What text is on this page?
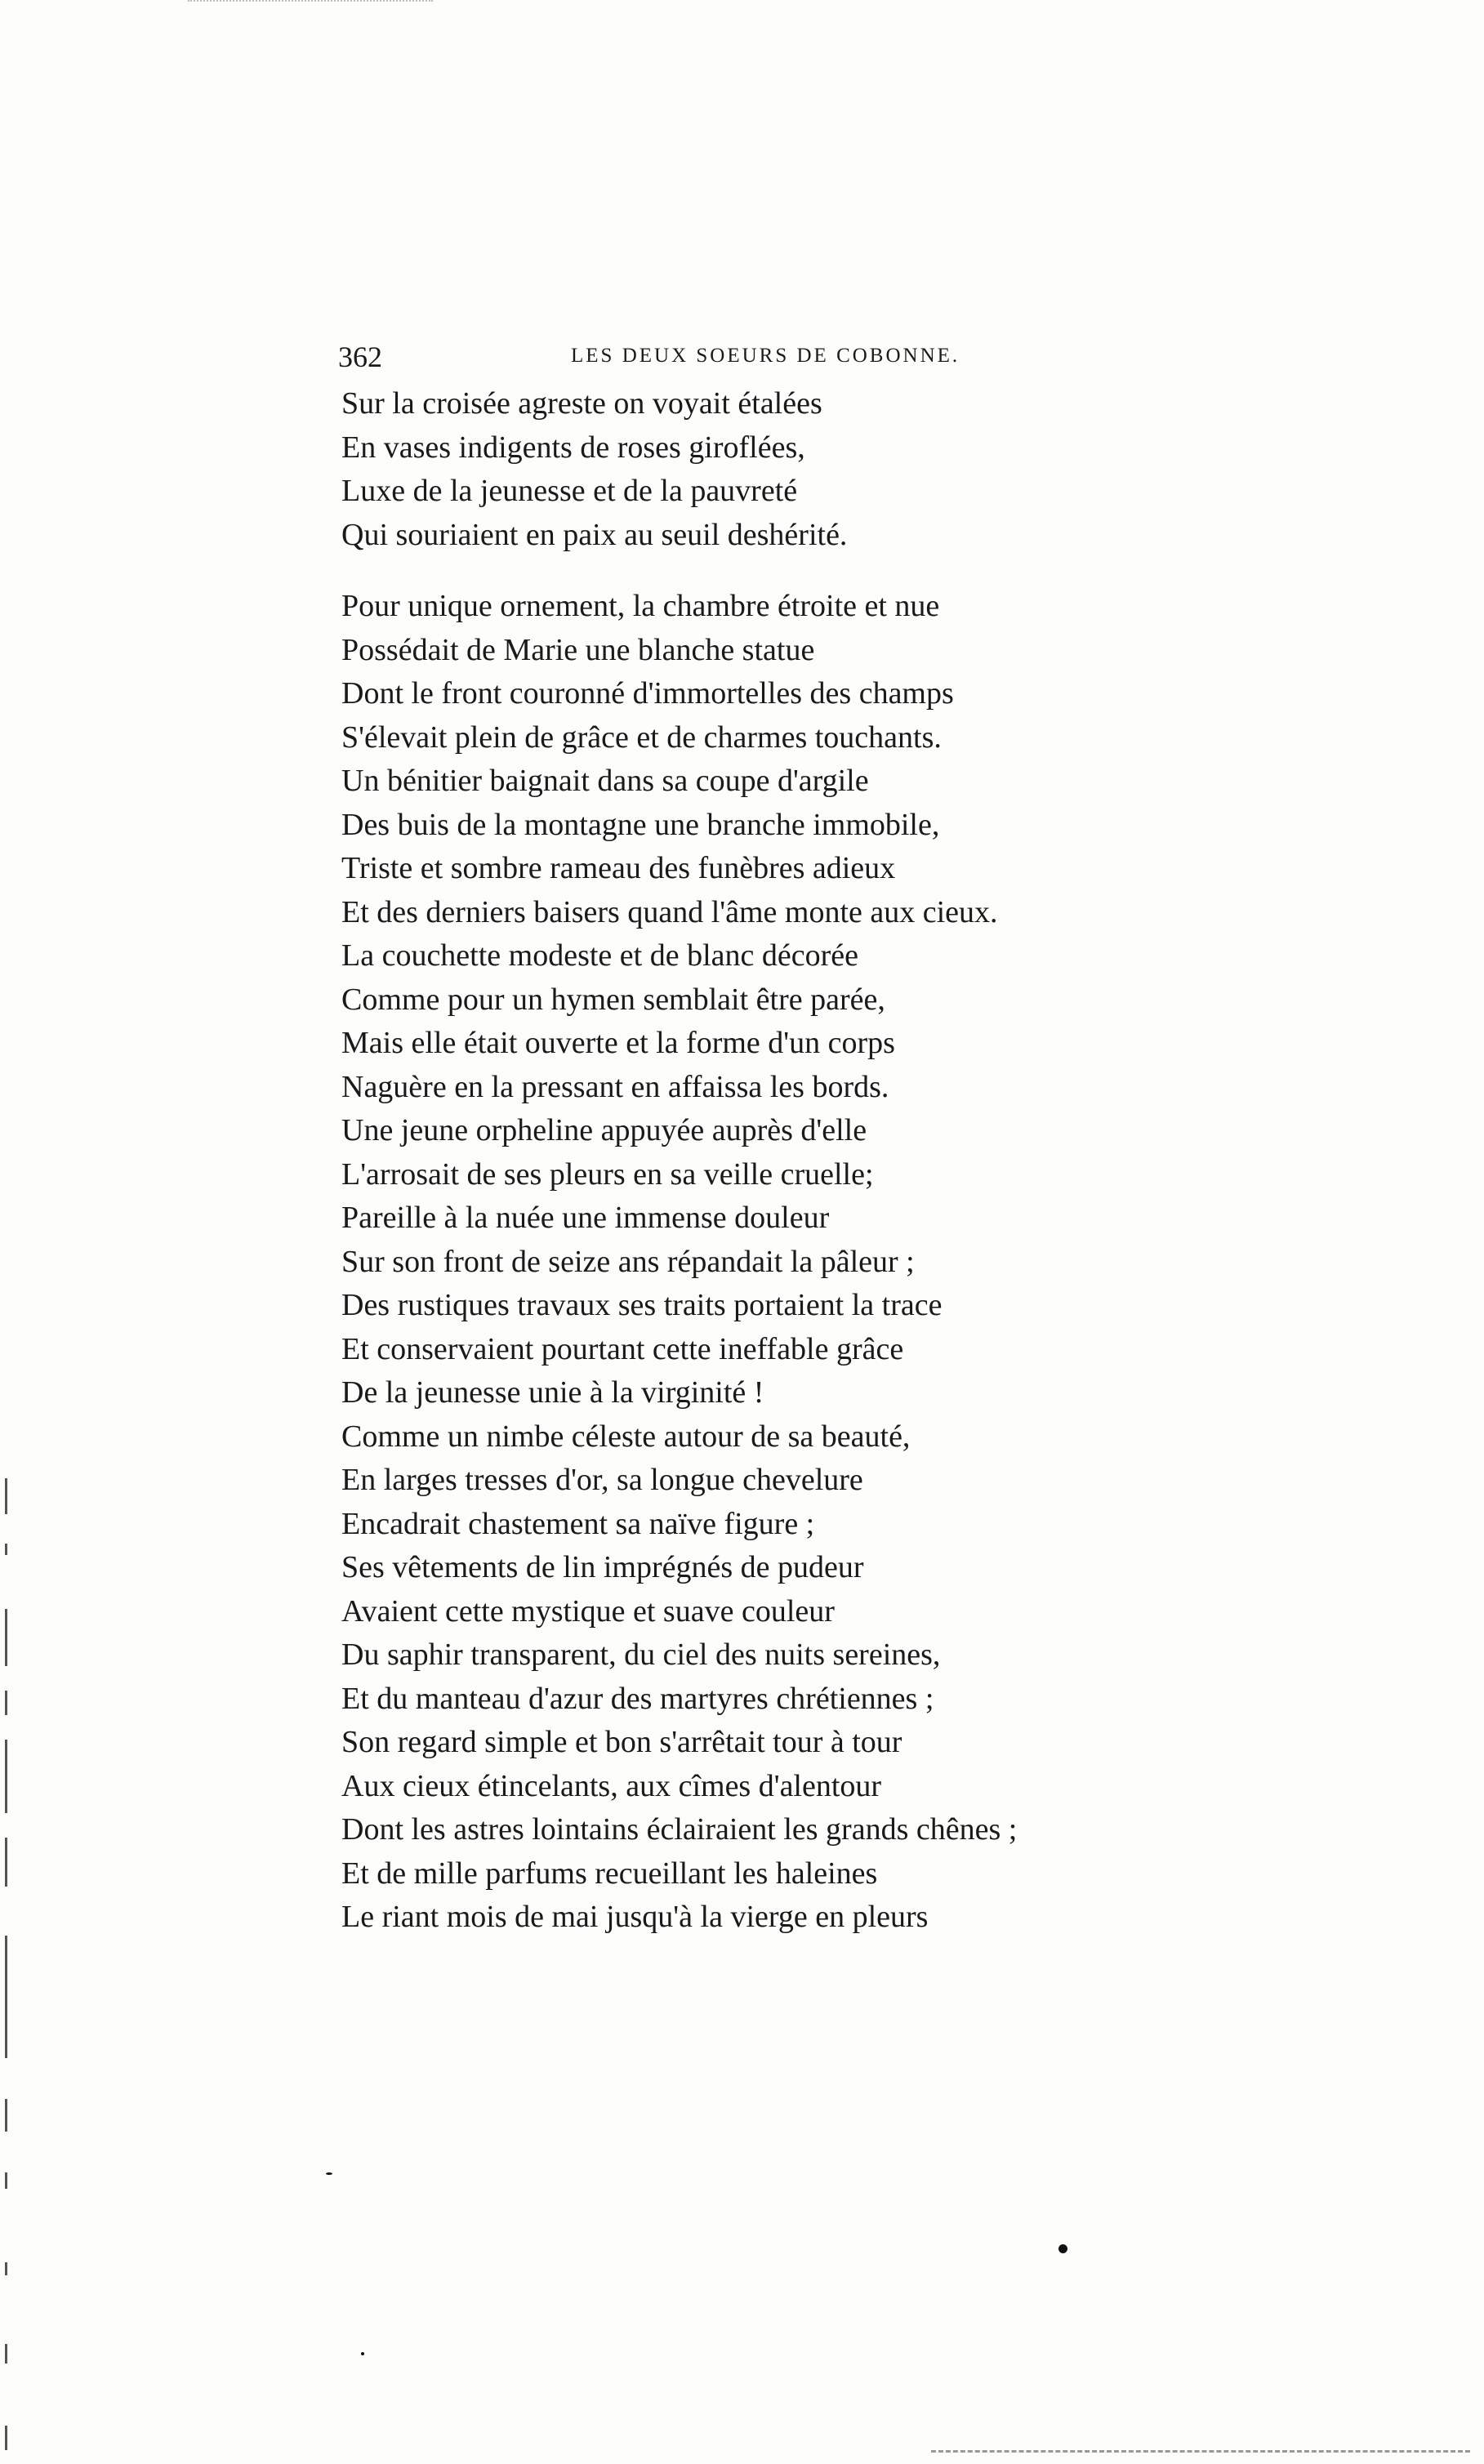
362	LES DEUX SOEURS DE COBONNE.
Sur la croisée agreste on voyait étalées
En vases indigents de roses giroflées,
Luxe de la jeunesse et de la pauvreté
Qui souriaient en paix au seuil deshérité.
Pour unique ornement, la chambre étroite et nue
Possédait de Marie une blanche statue
Dont le front couronné d'immortelles des champs
S'élevait plein de grâce et de charmes touchants.
Un bénitier baignait dans sa coupe d'argile
Des buis de la montagne une branche immobile,
Triste et sombre rameau des funèbres adieux
Et des derniers baisers quand l'âme monte aux cieux.
La couchette modeste et de blanc décorée
Comme pour un hymen semblait être parée,
Mais elle était ouverte et la forme d'un corps
Naguère en la pressant en affaissa les bords.
Une jeune orpheline appuyée auprès d'elle
L'arrosait de ses pleurs en sa veille cruelle;
Pareille à la nuée une immense douleur
Sur son front de seize ans répandait la pâleur ;
Des rustiques travaux ses traits portaient la trace
Et conservaient pourtant cette ineffable grâce
De la jeunesse unie à la virginité !
Comme un nimbe céleste autour de sa beauté,
En larges tresses d'or, sa longue chevelure
Encadrait chastement sa naïve figure ;
Ses vêtements de lin imprégnés de pudeur
Avaient cette mystique et suave couleur
Du saphir transparent, du ciel des nuits sereines,
Et du manteau d'azur des martyres chrétiennes ;
Son regard simple et bon s'arrêtait tour à tour
Aux cieux étincelants, aux cîmes d'alentour
Dont les astres lointains éclairaient les grands chênes ;
Et de mille parfums recueillant les haleines
Le riant mois de mai jusqu'à la vierge en pleurs
